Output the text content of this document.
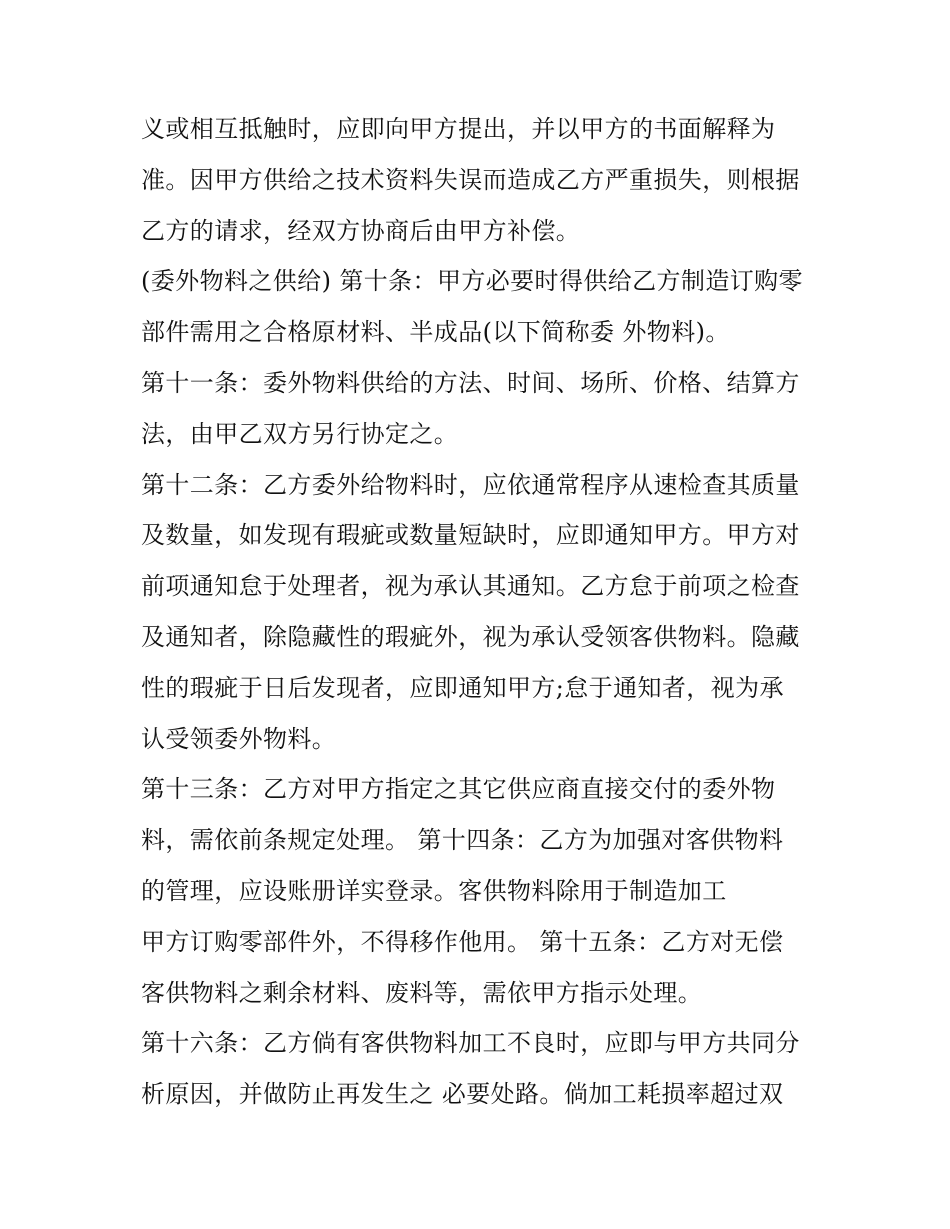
义或相互抵触时，应即向甲方提出，并以甲方的书面解释为
准。因甲方供给之技术资料失误而造成乙方严重损失，则根据
乙方的请求，经双方协商后由甲方补偿。
(委外物料之供给) 第十条：甲方必要时得供给乙方制造订购零
部件需用之合格原材料、半成品(以下简称委 外物料)。
第十一条：委外物料供给的方法、时间、场所、价格、结算方
法，由甲乙双方另行协定之。
第十二条：乙方委外给物料时，应依通常程序从速检查其质量
及数量，如发现有瑕疵或数量短缺时，应即通知甲方。甲方对
前项通知怠于处理者，视为承认其通知。乙方怠于前项之检查
及通知者，除隐藏性的瑕疵外，视为承认受领客供物料。隐藏
性的瑕疵于日后发现者，应即通知甲方;怠于通知者，视为承
认受领委外物料。
第十三条：乙方对甲方指定之其它供应商直接交付的委外物
料，需依前条规定处理。 第十四条：乙方为加强对客供物料
的管理，应设账册详实登录。客供物料除用于制造加工
甲方订购零部件外，不得移作他用。 第十五条：乙方对无偿
客供物料之剩余材料、废料等，需依甲方指示处理。
第十六条：乙方倘有客供物料加工不良时，应即与甲方共同分
析原因，并做防止再发生之 必要处路。倘加工耗损率超过双
